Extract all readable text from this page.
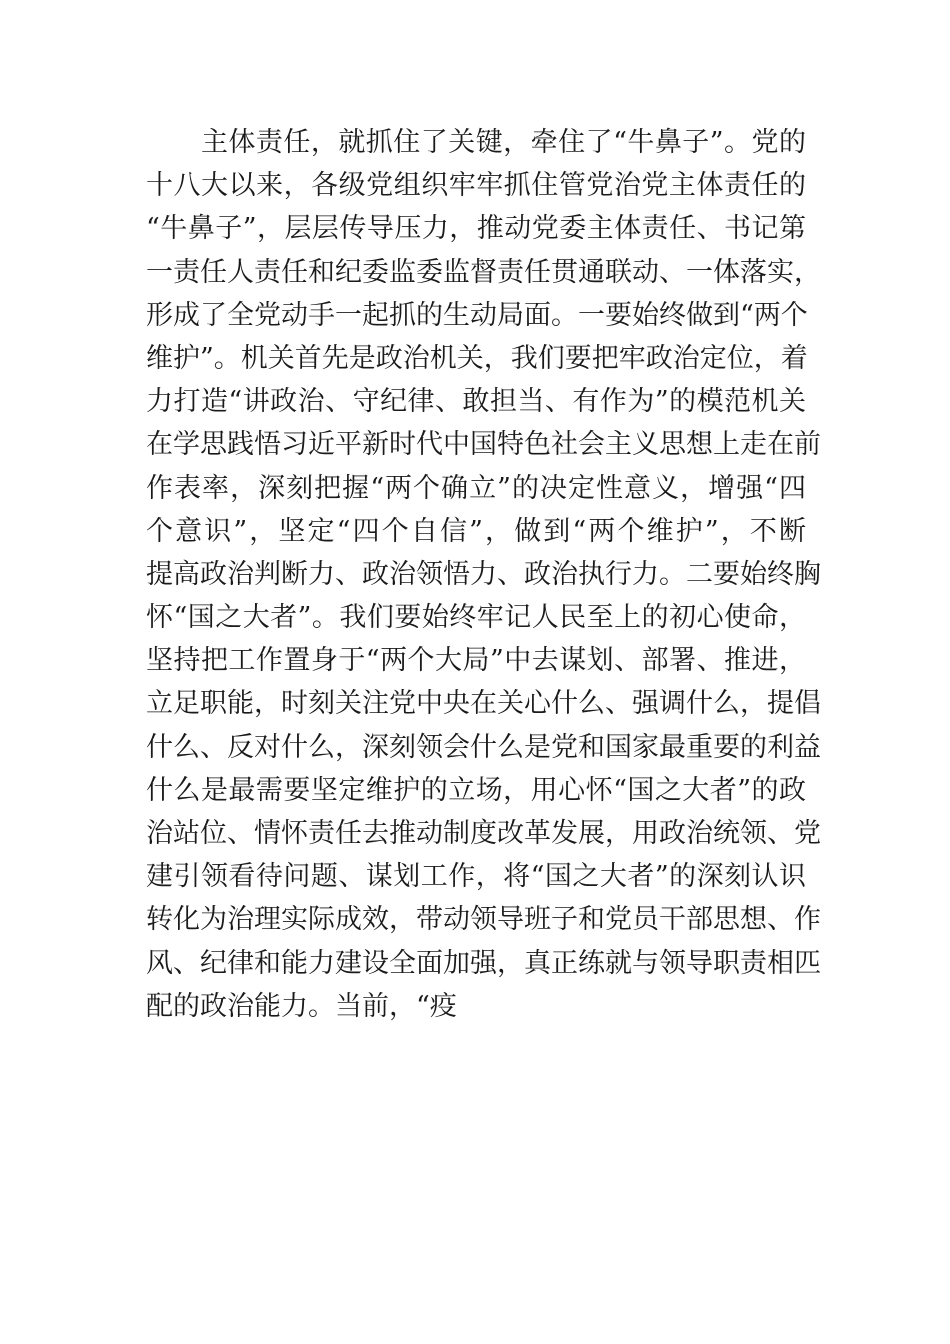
　　主体责任，就抓住了关键，牵住了“牛鼻子”。党的
十八大以来，各级党组织牢牢抓住管党治党主体责任的
“牛鼻子”，层层传导压力，推动党委主体责任、书记第
一责任人责任和纪委监委监督责任贯通联动、一体落实，
形成了全党动手一起抓的生动局面。一要始终做到“两个
维护”。机关首先是政治机关，我们要把牢政治定位，着
力打造“讲政治、守纪律、敢担当、有作为”的模范机关
在学思践悟习近平新时代中国特色社会主义思想上走在前
作表率，深刻把握“两个确立”的决定性意义，增强“四
个意识”，坚定“四个自信”，做到“两个维护”，不断
提高政治判断力、政治领悟力、政治执行力。二要始终胸
怀“国之大者”。我们要始终牢记人民至上的初心使命，
坚持把工作置身于“两个大局”中去谋划、部署、推进，
立足职能，时刻关注党中央在关心什么、强调什么，提倡
什么、反对什么，深刻领会什么是党和国家最重要的利益
什么是最需要坚定维护的立场，用心怀“国之大者”的政
治站位、情怀责任去推动制度改革发展，用政治统领、党
建引领看待问题、谋划工作，将“国之大者”的深刻认识
转化为治理实际成效，带动领导班子和党员干部思想、作
风、纪律和能力建设全面加强，真正练就与领导职责相匹
配的政治能力。当前，“疫
